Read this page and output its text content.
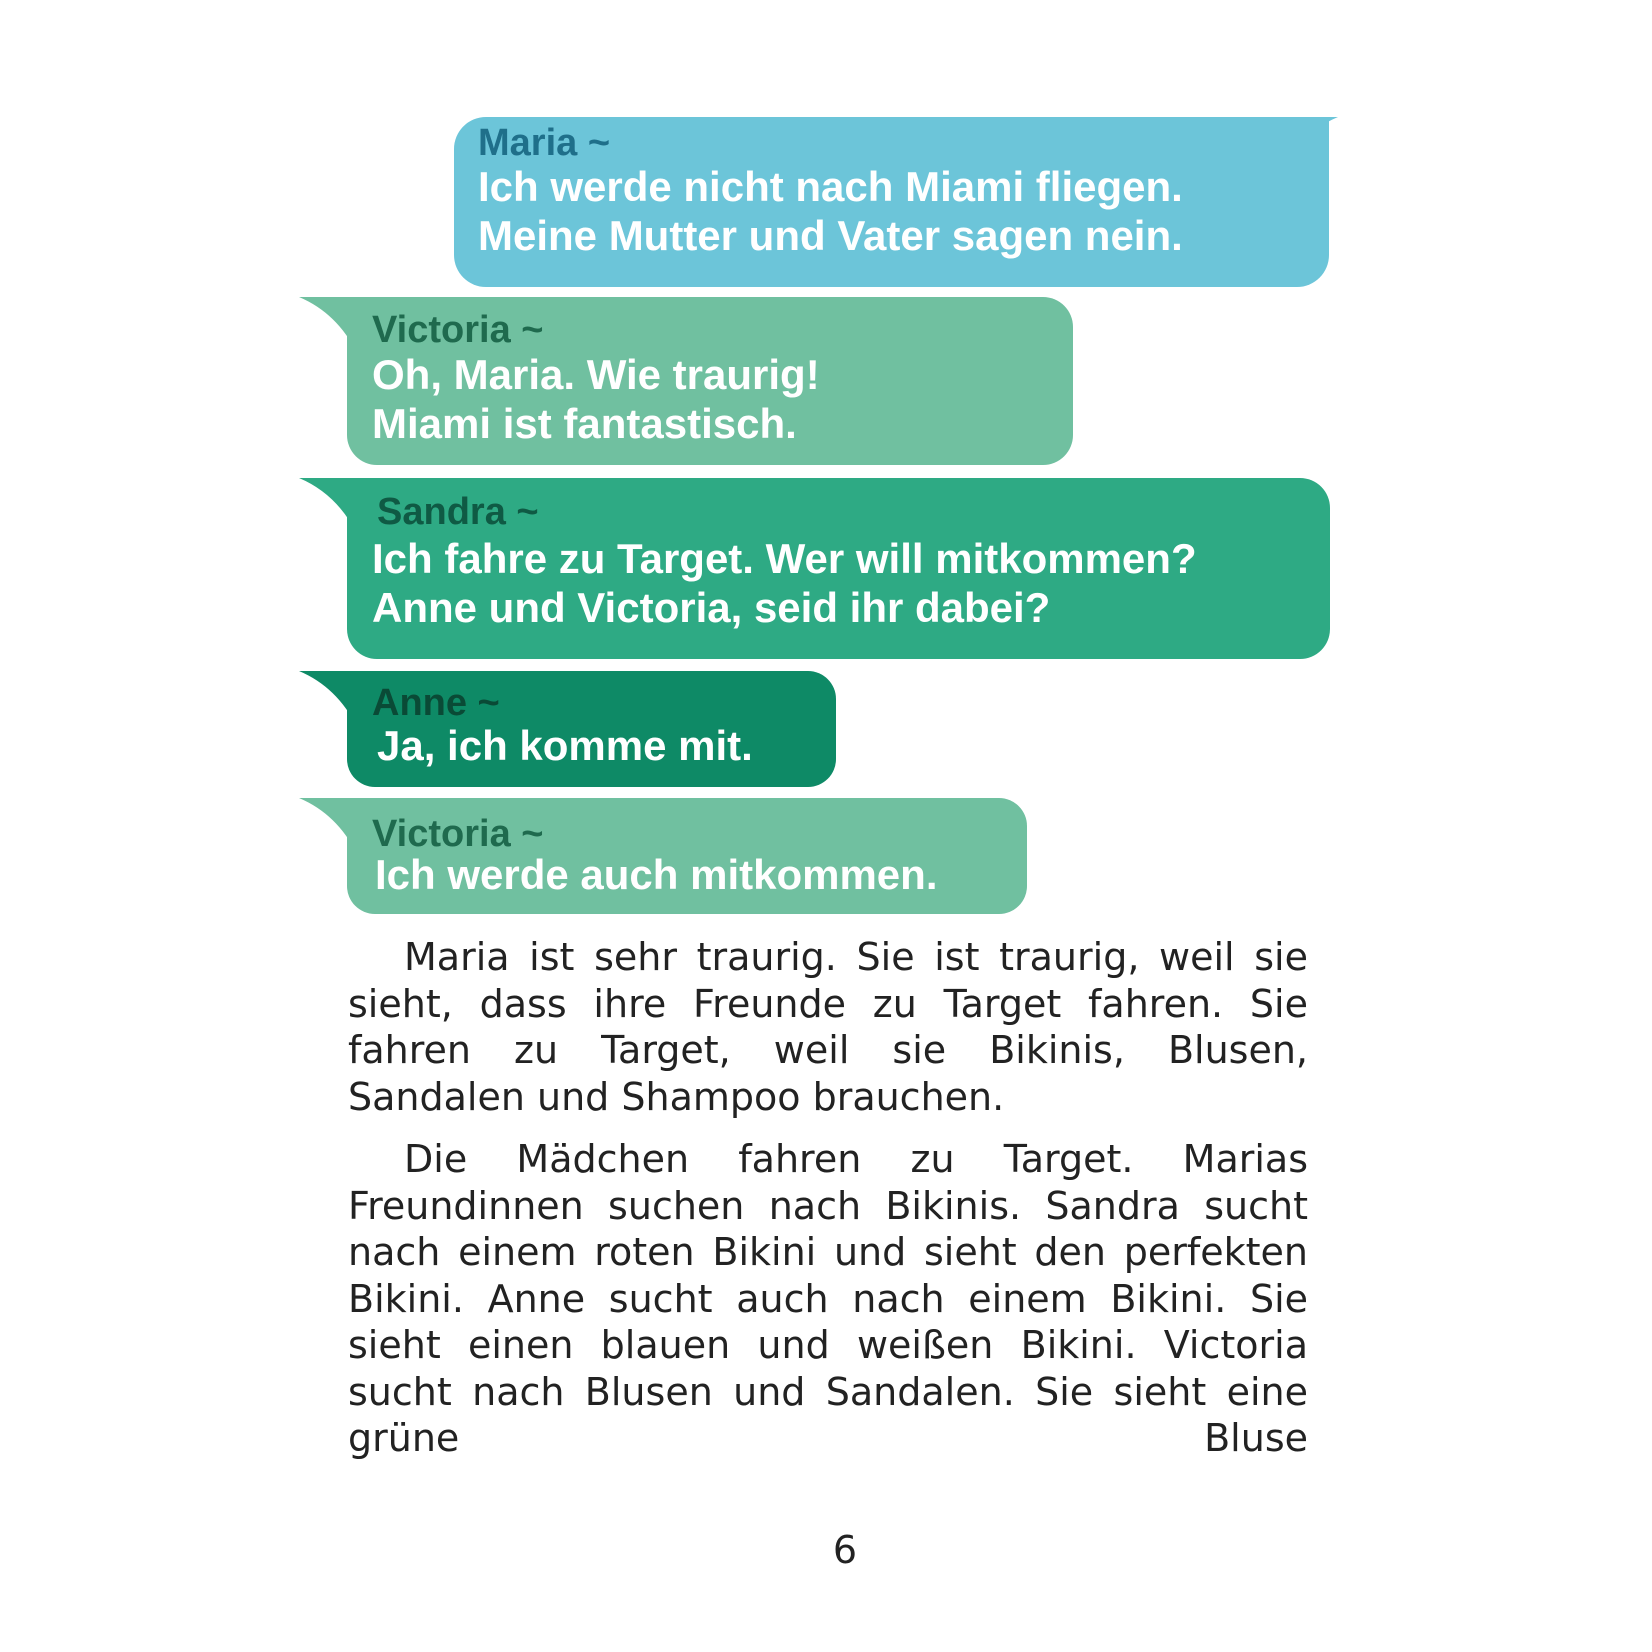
Maria ~
Ich werde nicht nach Miami fliegen.
Meine Mutter und Vater sagen nein.
Victoria ~
Oh, Maria. Wie traurig!
Miami ist fantastisch.
Sandra ~
Ich fahre zu Target. Wer will mitkommen?
Anne und Victoria, seid ihr dabei?
Anne ~
Ja, ich komme mit.
Victoria ~
Ich werde auch mitkommen.

Maria ist sehr traurig. Sie ist traurig, weil sie sieht, dass ihre Freunde zu Target fahren. Sie fahren zu Target, weil sie Bikinis, Blusen, Sandalen und Shampoo brauchen.

Die Mädchen fahren zu Target. Marias Freundinnen suchen nach Bikinis. Sandra sucht nach einem roten Bikini und sieht den perfekten Bikini. Anne sucht auch nach einem Bikini. Sie sieht einen blauen und weißen Bikini. Victoria sucht nach Blusen und Sandalen. Sie sieht eine grüne Bluse

6
